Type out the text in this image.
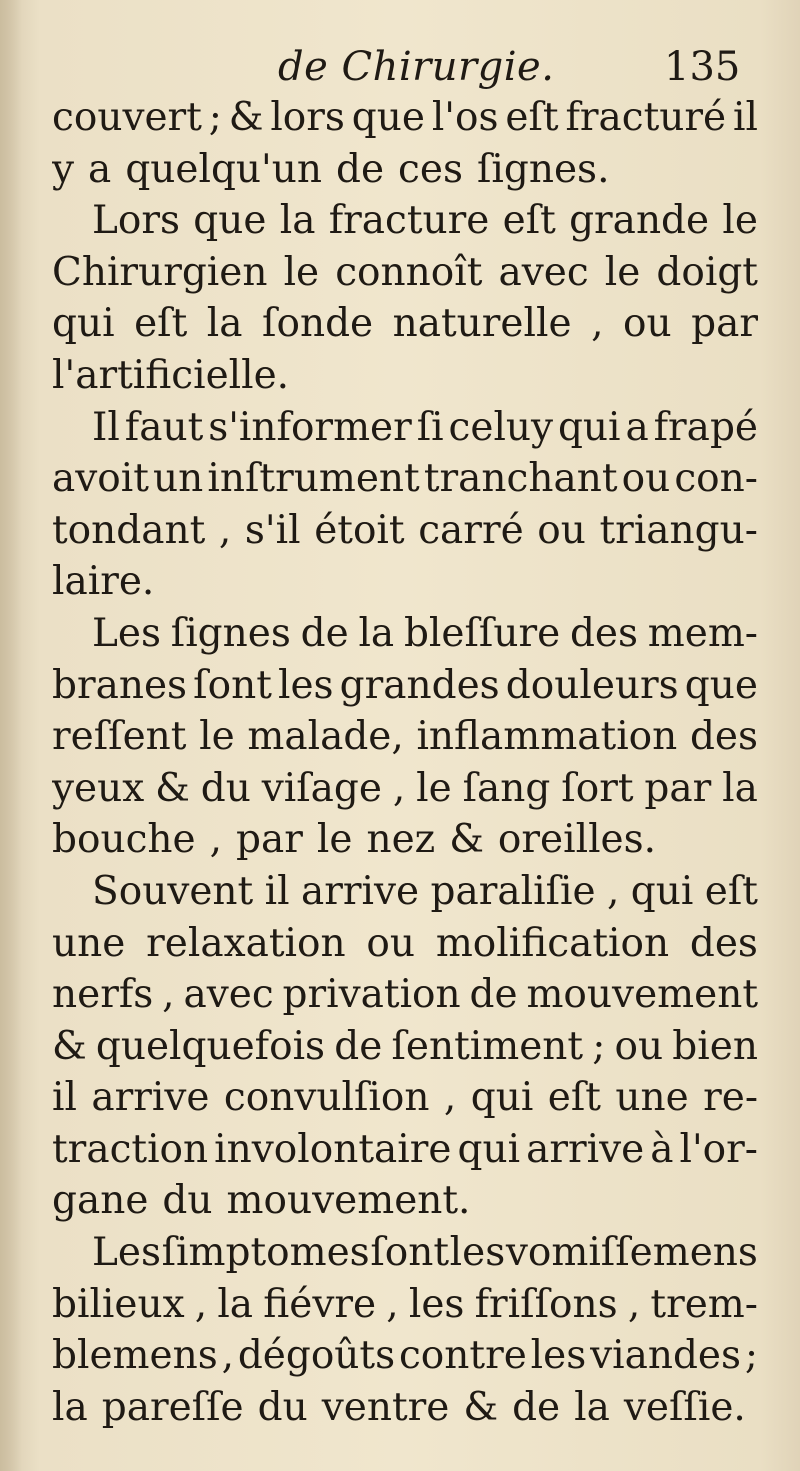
de Chirurgie.	135
couvert ; & lors que l'os eſt fracturé il
y a quelqu'un de ces ſignes.
Lors que la fracture eſt grande le
Chirurgien le connoît avec le doigt
qui eſt la ſonde naturelle , ou par
l'artificielle.
Il faut s'informer ſi celuy qui a frapé
avoit un inſtrument tranchant ou con-
tondant , s'il étoit carré ou triangu-
laire.
Les ſignes de la bleſſure des mem-
branes ſont les grandes douleurs que
reſſent le malade, inflammation des
yeux & du viſage , le ſang ſort par la
bouche , par le nez & oreilles.
Souvent il arrive paraliſie , qui eſt
une relaxation ou molification des
nerfs , avec privation de mouvement
& quelquefois de ſentiment ; ou bien
il arrive convulſion , qui eſt une re-
traction involontaire qui arrive à l'or-
gane du mouvement.
Les ſimptomes ſont les vomiſſemens
bilieux , la fiévre , les friſſons , trem-
blemens , dégoûts contre les viandes ;
la pareſſe du ventre & de la veſſie.
